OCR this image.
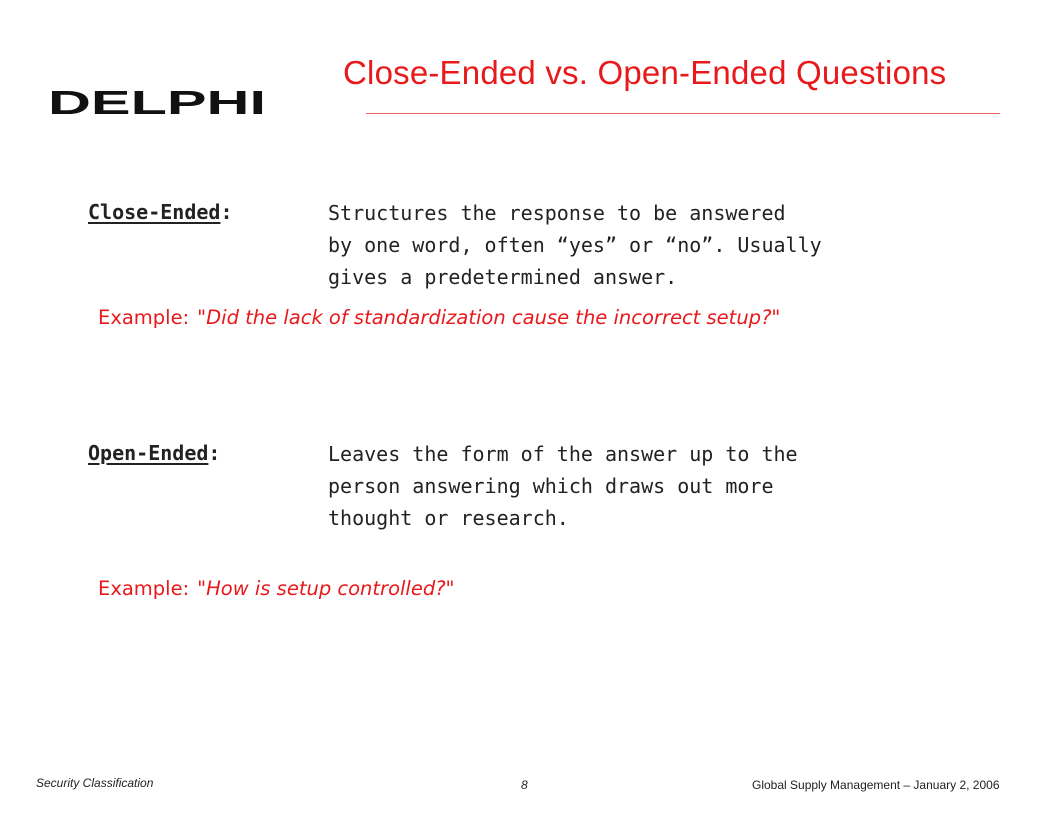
DELPHI
Close-Ended vs. Open-Ended Questions
Close-Ended:	Structures the response to be answered
by one word, often “yes” or “no”. Usually
gives a predetermined answer.
Example: "Did the lack of standardization cause the incorrect setup?"
Open-Ended:	Leaves the form of the answer up to the
person answering which draws out more
thought or research.
Example: "How is setup controlled?"
Security Classification	8	Global Supply Management – January 2, 2006
